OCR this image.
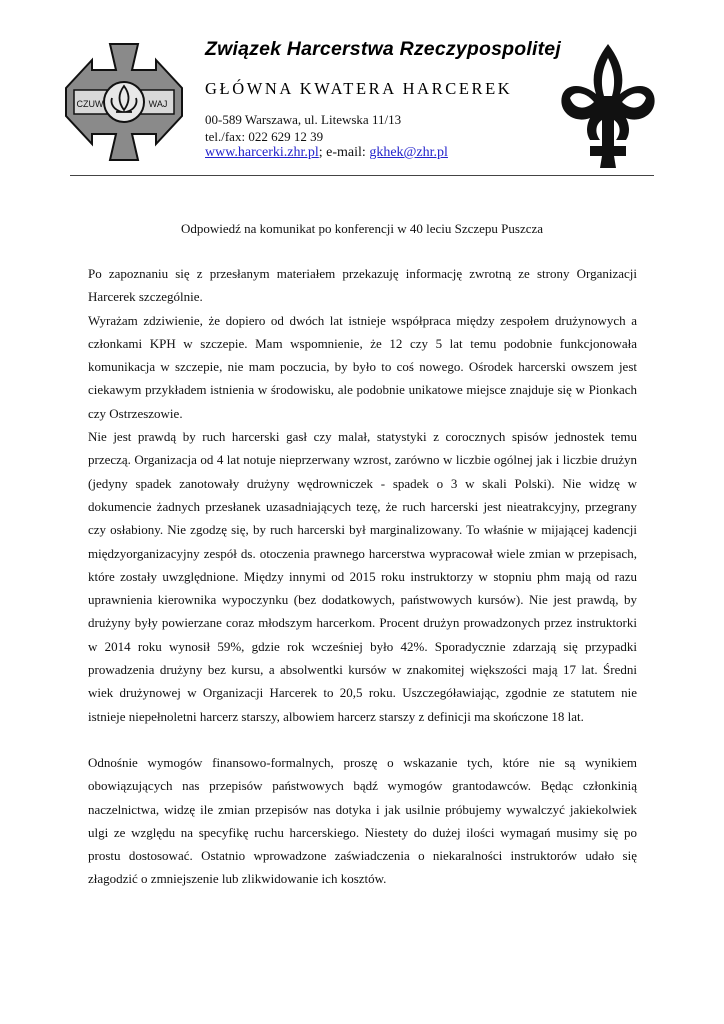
CZUW	WAJ
Związek Harcerstwa Rzeczypospolitej
GŁÓWNA KWATERA HARCEREK
00-589 Warszawa, ul. Litewska 11/13
tel./fax: 022 629 12 39
www.harcerki.zhr.pl; e-mail: gkhek@zhr.pl
Odpowiedź na komunikat po konferencji w 40 leciu Szczepu Puszcza

Po zapoznaniu się z przesłanym materiałem przekazuję informację zwrotną ze strony Organizacji Harcerek szczególnie.

Wyrażam zdziwienie, że dopiero od dwóch lat istnieje współpraca między zespołem drużynowych a członkami KPH w szczepie. Mam wspomnienie, że 12 czy 5 lat temu podobnie funkcjonowała komunikacja w szczepie, nie mam poczucia, by było to coś nowego. Ośrodek harcerski owszem jest ciekawym przykładem istnienia w środowisku, ale podobnie unikatowe miejsce znajduje się w Pionkach czy Ostrzeszowie.

Nie jest prawdą by ruch harcerski gasł czy malał, statystyki z corocznych spisów jednostek temu przeczą. Organizacja od 4 lat notuje nieprzerwany wzrost, zarówno w liczbie ogólnej jak i liczbie drużyn (jedyny spadek zanotowały drużyny wędrowniczek - spadek o 3 w skali Polski). Nie widzę w dokumencie żadnych przesłanek uzasadniających tezę, że ruch harcerski jest nieatrakcyjny, przegrany czy osłabiony. Nie zgodzę się, by ruch harcerski był marginalizowany. To właśnie w mijającej kadencji międzyorganizacyjny zespół ds. otoczenia prawnego harcerstwa wypracował wiele zmian w przepisach, które zostały uwzględnione. Między innymi od 2015 roku instruktorzy w stopniu phm mają od razu uprawnienia kierownika wypoczynku (bez dodatkowych, państwowych kursów). Nie jest prawdą, by drużyny były powierzane coraz młodszym harcerkom. Procent drużyn prowadzonych przez instruktorki w 2014 roku wynosił 59%, gdzie rok wcześniej było 42%. Sporadycznie zdarzają się przypadki prowadzenia drużyny bez kursu, a absolwentki kursów w znakomitej większości mają 17 lat. Średni wiek drużynowej w Organizacji Harcerek to 20,5 roku. Uszczegóławiając, zgodnie ze statutem nie istnieje niepełnoletni harcerz starszy, albowiem harcerz starszy z definicji ma skończone 18 lat.

Odnośnie wymogów finansowo-formalnych, proszę o wskazanie tych, które nie są wynikiem obowiązujących nas przepisów państwowych bądź wymogów grantodawców. Będąc członkinią naczelnictwa, widzę ile zmian przepisów nas dotyka i jak usilnie próbujemy wywalczyć jakiekolwiek ulgi ze względu na specyfikę ruchu harcerskiego. Niestety do dużej ilości wymagań musimy się po prostu dostosować. Ostatnio wprowadzone zaświadczenia o niekaralności instruktorów udało się złagodzić o zmniejszenie lub zlikwidowanie ich kosztów.
